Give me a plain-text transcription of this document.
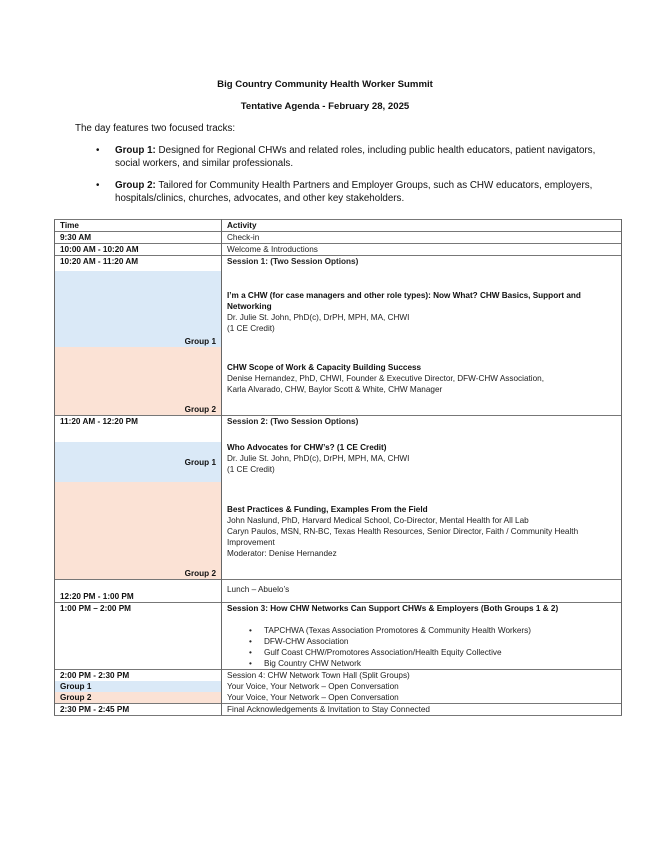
Big Country Community Health Worker Summit
Tentative Agenda - February 28, 2025
The day features two focused tracks:
• Group 1: Designed for Regional CHWs and related roles, including public health educators, patient navigators, social workers, and similar professionals.
• Group 2: Tailored for Community Health Partners and Employer Groups, such as CHW educators, employers, hospitals/clinics, churches, advocates, and other key stakeholders.
Time	Activity
9:30 AM	Check-in
10:00 AM - 10:20 AM	Welcome & Introductions
10:20 AM - 11:20 AM	Session 1: (Two Session Options)
Group 1	I’m a CHW (for case managers and other role types): Now What? CHW Basics, Support and Networking
Dr. Julie St. John, PhD(c), DrPH, MPH, MA, CHWI
(1 CE Credit)

Group 2	CHW Scope of Work & Capacity Building Success
Denise Hernandez, PhD, CHWI, Founder & Executive Director, DFW-CHW Association,
Karla Alvarado, CHW, Baylor Scott & White, CHW Manager

11:20 AM - 12:20 PM	Session 2: (Two Session Options)
Group 1	Who Advocates for CHW’s? (1 CE Credit)
Dr. Julie St. John, PhD(c), DrPH, MPH, MA, CHWI
(1 CE Credit)

Group 2	Best Practices & Funding, Examples From the Field
John Naslund, PhD, Harvard Medical School, Co-Director, Mental Health for All Lab
Caryn Paulos, MSN, RN-BC, Texas Health Resources, Senior Director, Faith / Community Health Improvement
Moderator: Denise Hernandez

12:20 PM - 1:00 PM	Lunch – Abuelo’s
1:00 PM – 2:00 PM	Session 3: How CHW Networks Can Support CHWs & Employers (Both Groups 1 & 2)
• TAPCHWA (Texas Association Promotores & Community Health Workers)
• DFW-CHW Association
• Gulf Coast CHW/Promotores Association/Health Equity Collective
• Big Country CHW Network

2:00 PM - 2:30 PM	Session 4: CHW Network Town Hall (Split Groups)
Group 1	Your Voice, Your Network – Open Conversation
Group 2	Your Voice, Your Network – Open Conversation
2:30 PM - 2:45 PM	Final Acknowledgements & Invitation to Stay Connected
